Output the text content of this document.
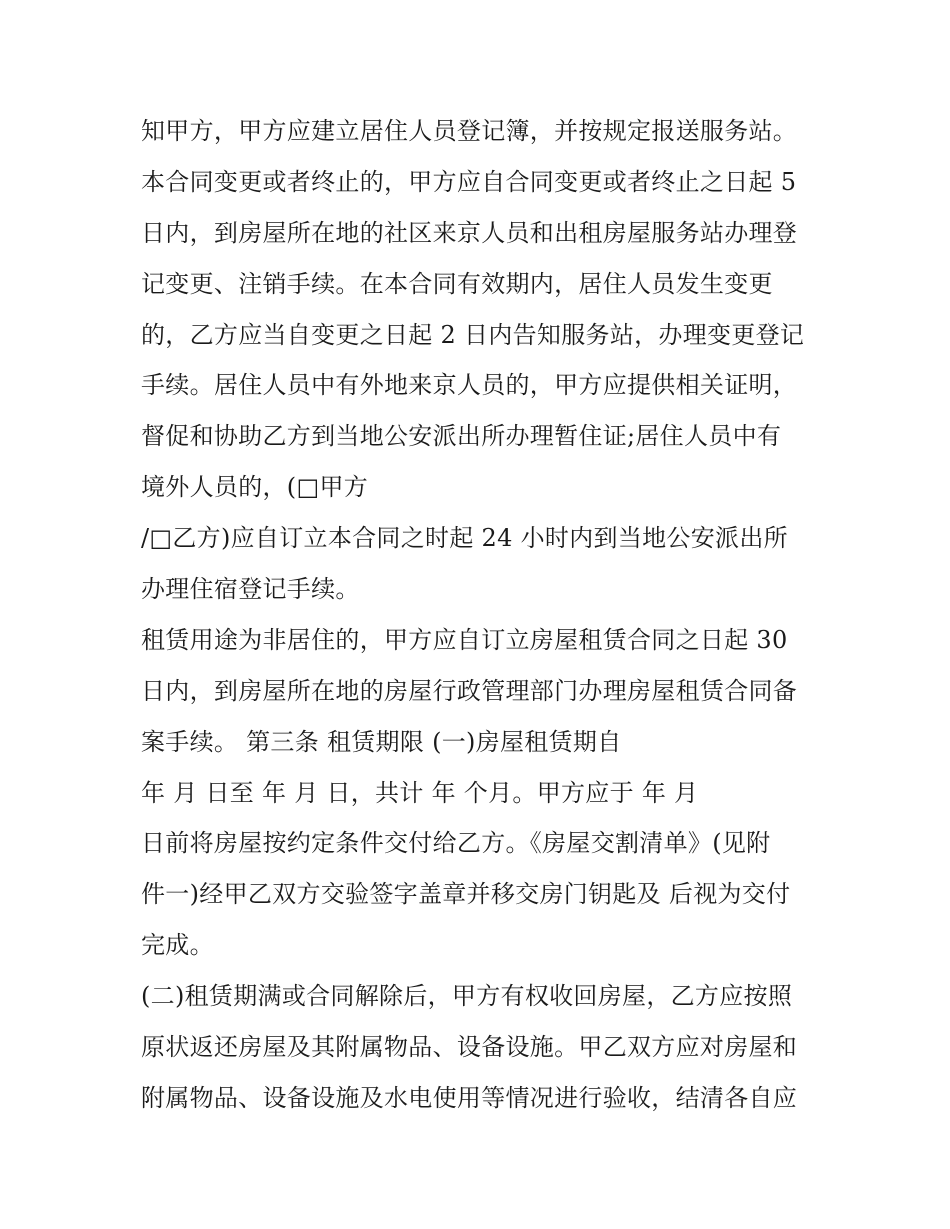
知甲方，甲方应建立居住人员登记簿，并按规定报送服务站。
本合同变更或者终止的，甲方应自合同变更或者终止之日起 5
日内，到房屋所在地的社区来京人员和出租房屋服务站办理登
记变更、注销手续。在本合同有效期内，居住人员发生变更
的，乙方应当自变更之日起 2 日内告知服务站，办理变更登记
手续。居住人员中有外地来京人员的，甲方应提供相关证明，
督促和协助乙方到当地公安派出所办理暂住证;居住人员中有
境外人员的，(□甲方
/□乙方)应自订立本合同之时起 24 小时内到当地公安派出所
办理住宿登记手续。
租赁用途为非居住的，甲方应自订立房屋租赁合同之日起 30
日内，到房屋所在地的房屋行政管理部门办理房屋租赁合同备
案手续。 第三条 租赁期限 (一)房屋租赁期自
年 月 日至 年 月 日，共计 年 个月。甲方应于 年 月
日前将房屋按约定条件交付给乙方。《房屋交割清单》(见附
件一)经甲乙双方交验签字盖章并移交房门钥匙及 后视为交付
完成。
(二)租赁期满或合同解除后，甲方有权收回房屋，乙方应按照
原状返还房屋及其附属物品、设备设施。甲乙双方应对房屋和
附属物品、设备设施及水电使用等情况进行验收，结清各自应
